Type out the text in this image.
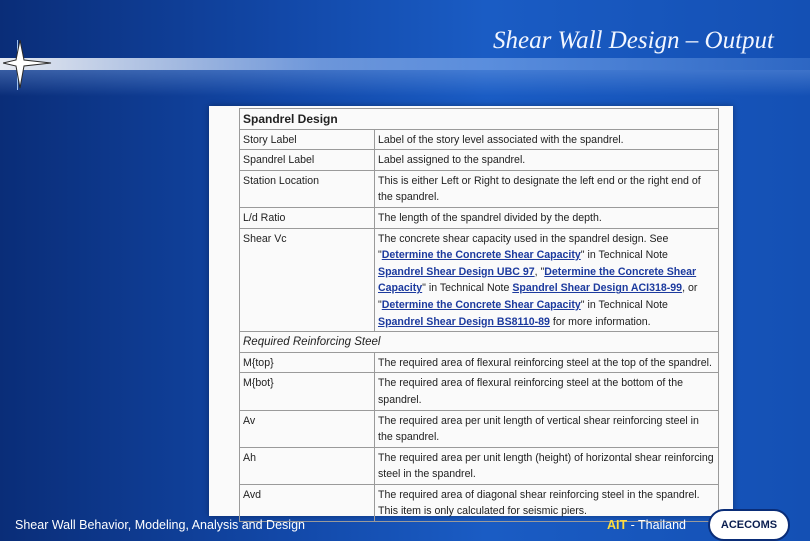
Shear Wall Design – Output
Spandrel Design	
Story Label	Label of the story level associated with the spandrel.
Spandrel Label	Label assigned to the spandrel.
Station Location	This is either Left or Right to designate the left end or the right end of the spandrel.
L/d Ratio	The length of the spandrel divided by the depth.
Shear Vc	The concrete shear capacity used in the spandrel design. See "Determine the Concrete Shear Capacity" in Technical Note Spandrel Shear Design UBC 97, "Determine the Concrete Shear Capacity" in Technical Note Spandrel Shear Design ACI318-99, or "Determine the Concrete Shear Capacity" in Technical Note Spandrel Shear Design BS8110-89 for more information.
Required Reinforcing Steel	
M{top}	The required area of flexural reinforcing steel at the top of the spandrel.
M{bot}	The required area of flexural reinforcing steel at the bottom of the spandrel.
Av	The required area per unit length of vertical shear reinforcing steel in the spandrel.
Ah	The required area per unit length (height) of horizontal shear reinforcing steel in the spandrel.
Avd	The required area of diagonal shear reinforcing steel in the spandrel. This item is only calculated for seismic piers.
Shear Wall Behavior, Modeling, Analysis and Design	AIT - Thailand	ACECOMS
